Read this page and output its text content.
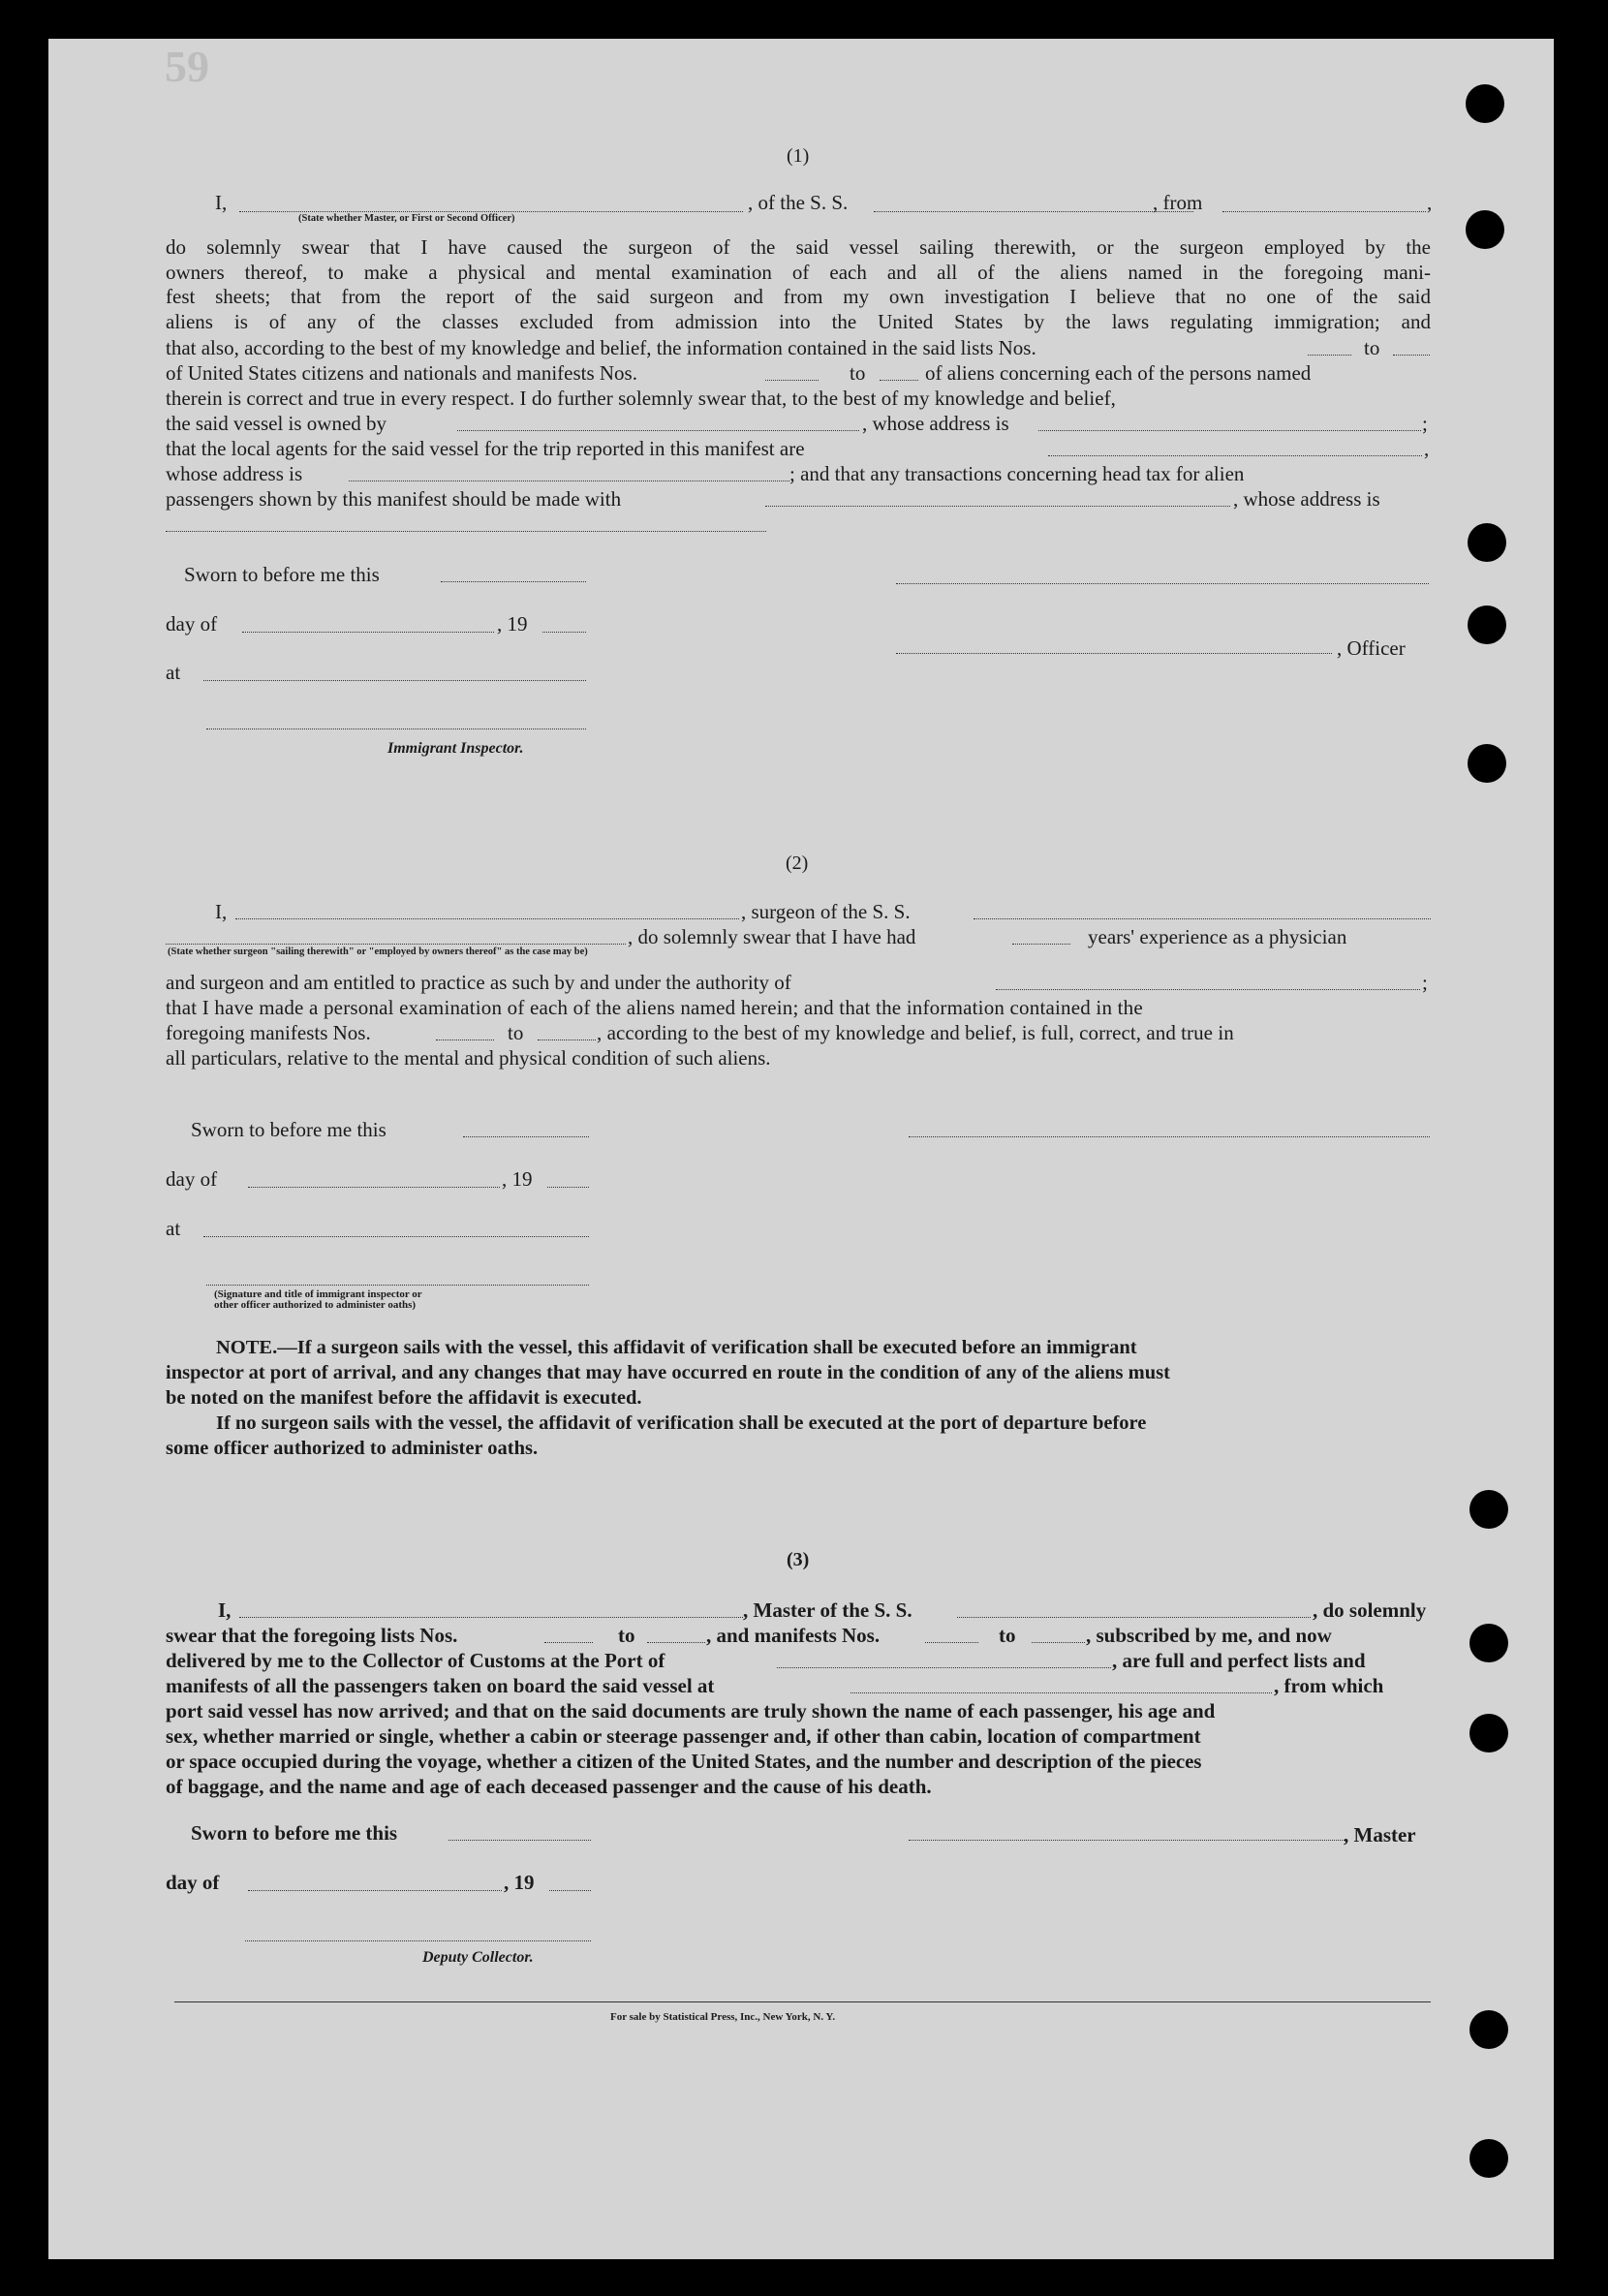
59
(1)
I,	, of the S. S.	, from	,
(State whether Master, or First or Second Officer)
do solemnly swear that I have caused the surgeon of the said vessel sailing therewith, or the surgeon employed by the
owners thereof, to make a physical and mental examination of each and all of the aliens named in the foregoing mani-
fest sheets; that from the report of the said surgeon and from my own investigation I believe that no one of the said
aliens is of any of the classes excluded from admission into the United States by the laws regulating immigration; and
that also, according to the best of my knowledge and belief, the information contained in the said lists Nos.	to
of United States citizens and nationals and manifests Nos.	to	of aliens concerning each of the persons named
therein is correct and true in every respect. I do further solemnly swear that, to the best of my knowledge and belief,
the said vessel is owned by	, whose address is	;
that the local agents for the said vessel for the trip reported in this manifest are	,
whose address is	; and that any transactions concerning head tax for alien
passengers shown by this manifest should be made with	, whose address is
Sworn to before me this
day of	, 19
at
Immigrant Inspector.
, Officer
(2)
I,	, surgeon of the S. S.
, do solemnly swear that I have had	years' experience as a physician
(State whether surgeon "sailing therewith" or "employed by owners thereof" as the case may be)
and surgeon and am entitled to practice as such by and under the authority of	;
that I have made a personal examination of each of the aliens named herein; and that the information contained in the
foregoing manifests Nos.	to	, according to the best of my knowledge and belief, is full, correct, and true in
all particulars, relative to the mental and physical condition of such aliens.
Sworn to before me this
day of	, 19
at
(Signature and title of immigrant inspector or
other officer authorized to administer oaths)
NOTE.—If a surgeon sails with the vessel, this affidavit of verification shall be executed before an immigrant
inspector at port of arrival, and any changes that may have occurred en route in the condition of any of the aliens must
be noted on the manifest before the affidavit is executed.
If no surgeon sails with the vessel, the affidavit of verification shall be executed at the port of departure before
some officer authorized to administer oaths.
(3)
I,	, Master of the S. S.	, do solemnly
swear that the foregoing lists Nos.	to	, and manifests Nos.	to	, subscribed by me, and now
delivered by me to the Collector of Customs at the Port of	, are full and perfect lists and
manifests of all the passengers taken on board the said vessel at	, from which
port said vessel has now arrived; and that on the said documents are truly shown the name of each passenger, his age and
sex, whether married or single, whether a cabin or steerage passenger and, if other than cabin, location of compartment
or space occupied during the voyage, whether a citizen of the United States, and the number and description of the pieces
of baggage, and the name and age of each deceased passenger and the cause of his death.
Sworn to before me this	, Master
day of	, 19
Deputy Collector.
For sale by Statistical Press, Inc., New York, N. Y.
